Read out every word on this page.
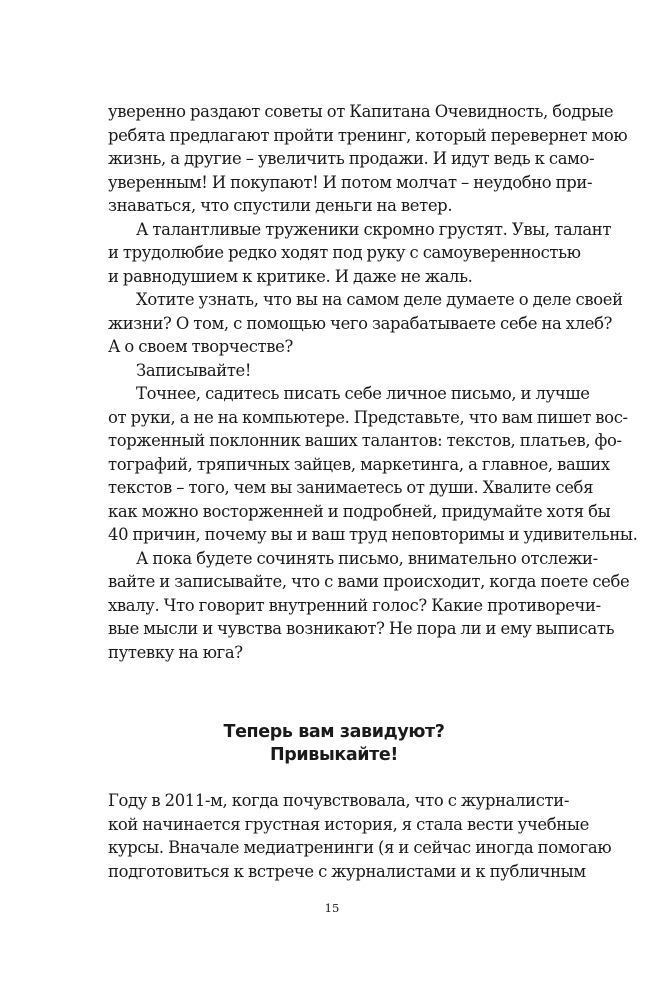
уверенно раздают советы от Капитана Очевидность, бодрые
ребята предлагают пройти тренинг, который перевернет мою
жизнь, а другие – увеличить продажи. И идут ведь к само-
уверенным! И покупают! И потом молчат – неудобно при-
знаваться, что спустили деньги на ветер.
А талантливые труженики скромно грустят. Увы, талант
и трудолюбие редко ходят под руку с самоуверенностью
и равнодушием к критике. И даже не жаль.
Хотите узнать, что вы на самом деле думаете о деле своей
жизни? О том, с помощью чего зарабатываете себе на хлеб?
А о своем творчестве?
Записывайте!
Точнее, садитесь писать себе личное письмо, и лучше
от руки, а не на компьютере. Представьте, что вам пишет вос-
торженный поклонник ваших талантов: текстов, платьев, фо-
тографий, тряпичных зайцев, маркетинга, а главное, ваших
текстов – того, чем вы занимаетесь от души. Хвалите себя
как можно восторженней и подробней, придумайте хотя бы
40 причин, почему вы и ваш труд неповторимы и удивительны.
А пока будете сочинять письмо, внимательно отслежи-
вайте и записывайте, что с вами происходит, когда поете себе
хвалу. Что говорит внутренний голос? Какие противоречи-
вые мысли и чувства возникают? Не пора ли и ему выписать
путевку на юга?
Теперь вам завидуют?
Привыкайте!
Году в 2011-м, когда почувствовала, что с журналисти-
кой начинается грустная история, я стала вести учебные
курсы. Вначале медиатренинги (я и сейчас иногда помогаю
подготовиться к встрече с журналистами и к публичным
15
